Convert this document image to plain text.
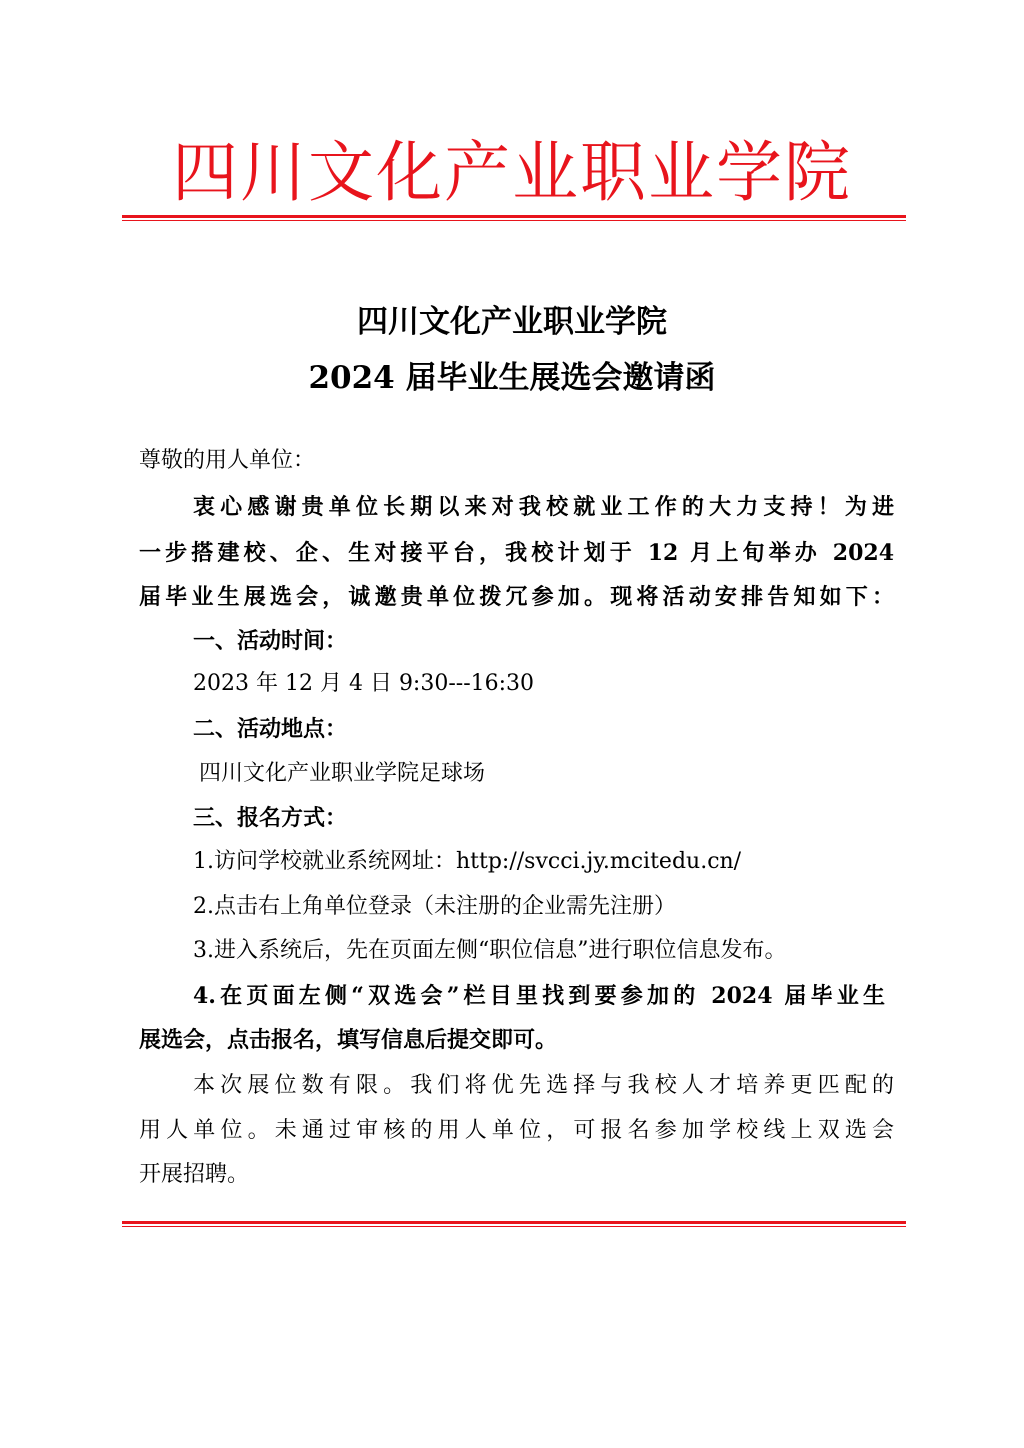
四川文化产业职业学院
四川文化产业职业学院
2024 届毕业生展选会邀请函
尊敬的用人单位：
衷心感谢贵单位长期以来对我校就业工作的大力支持！为进
一步搭建校、企、生对接平台，我校计划于 12 月上旬举办 2024
届毕业生展选会，诚邀贵单位拨冗参加。现将活动安排告知如下：
一、活动时间：
2023 年 12 月 4 日 9:30---16:30
二、活动地点：
四川文化产业职业学院足球场
三、报名方式：
1.访问学校就业系统网址：http://svcci.jy.mcitedu.cn/
2.点击右上角单位登录（未注册的企业需先注册）
3.进入系统后，先在页面左侧“职位信息”进行职位信息发布。
4.在页面左侧“双选会”栏目里找到要参加的 2024 届毕业生
展选会，点击报名，填写信息后提交即可。
本次展位数有限。我们将优先选择与我校人才培养更匹配的
用人单位。未通过审核的用人单位，可报名参加学校线上双选会
开展招聘。
